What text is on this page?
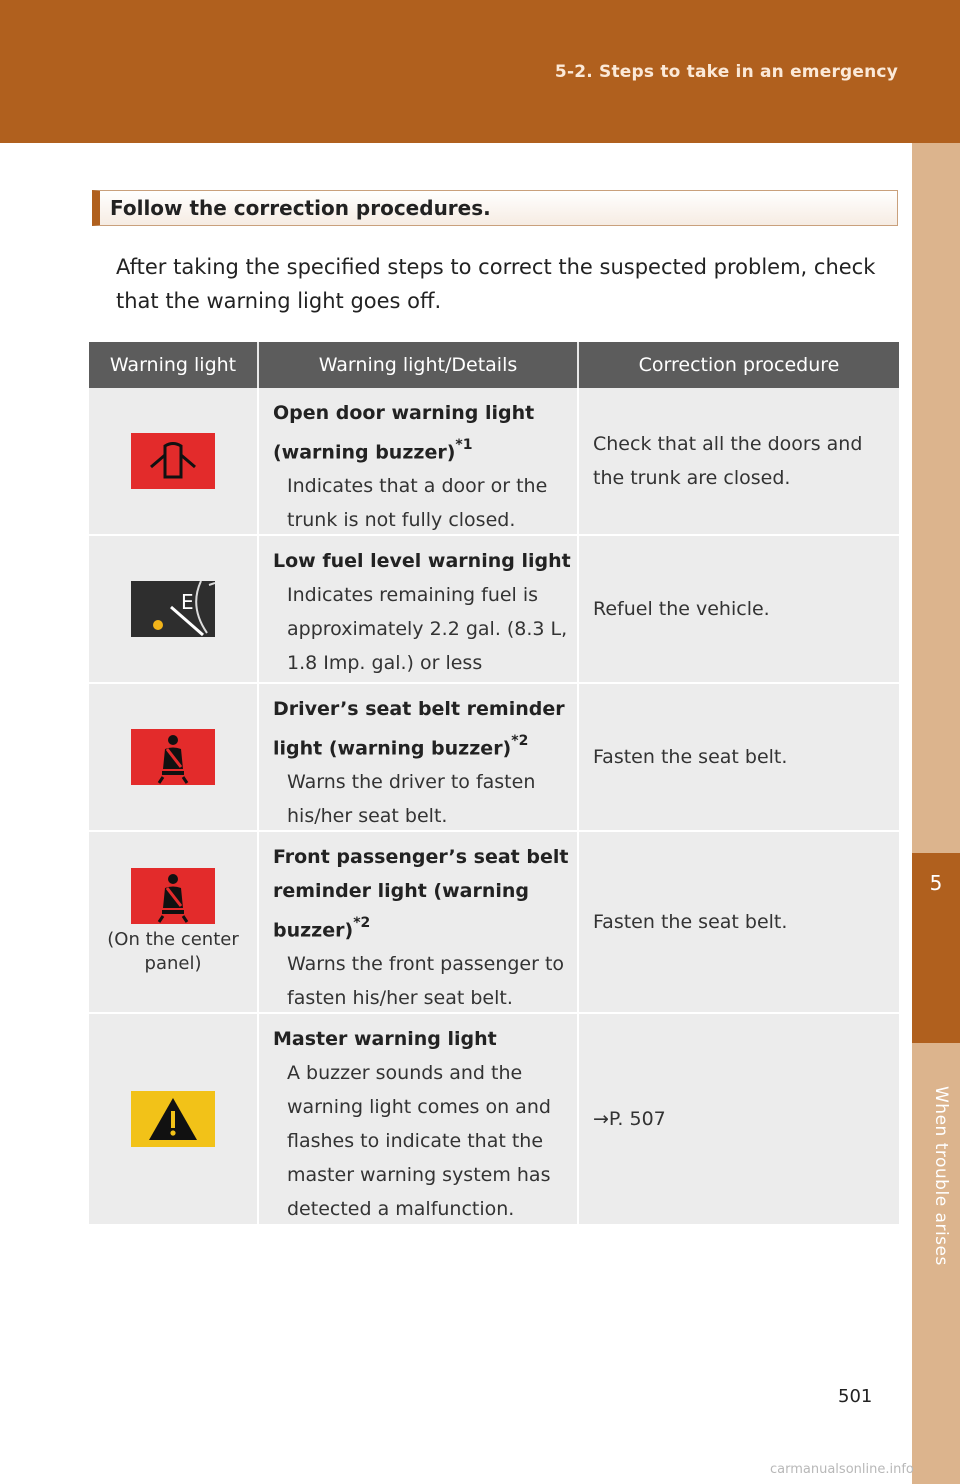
5-2. Steps to take in an emergency
5
When trouble arises
Follow the correction procedures.

After taking the specified steps to correct the suspected problem, check that the warning light goes off.

Warning light	Warning light/Details	Correction procedure
Open door warning light (warning buzzer)$^{*1}$
Indicates that a door or the trunk is not fully closed.
Check that all the doors and the trunk are closed.
E
Low fuel level warning light
Indicates remaining fuel is approximately 2.2 gal. (8.3 L, 1.8 Imp. gal.) or less
Refuel the vehicle.
Driver’s seat belt reminder light (warning buzzer)$^{*2}$
Warns the driver to fasten his/her seat belt.
Fasten the seat belt.
(On the center panel)
Front passenger’s seat belt reminder light (warning buzzer)$^{*2}$
Warns the front passenger to fasten his/her seat belt.
Fasten the seat belt.
Master warning light
A buzzer sounds and the warning light comes on and flashes to indicate that the master warning system has detected a malfunction.
→P. 507
501
carmanualsonline.info
